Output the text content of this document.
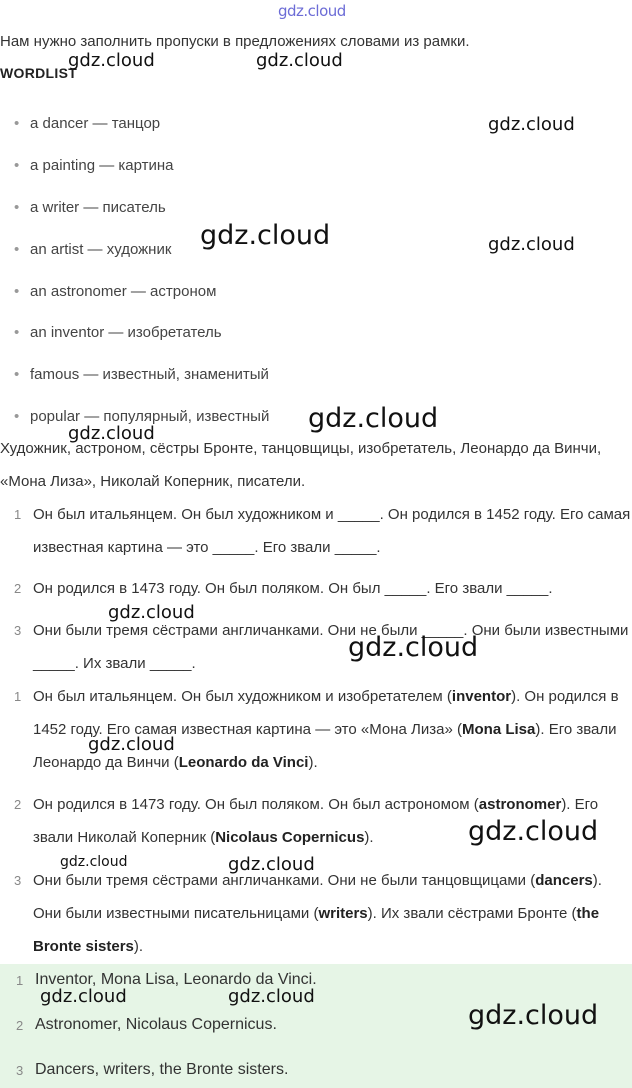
gdz.cloud
Нам нужно заполнить пропуски в предложениях словами из рамки.
WORDLIST
• a dancer — танцор
• a painting — картина
• a writer — писатель
• an artist — художник
• an astronomer — астроном
• an inventor — изобретатель
• famous — известный, знаменитый
• popular — популярный, известный
Художник, астроном, сёстры Бронте, танцовщицы, изобретатель, Леонардо да Винчи, «Мона Лиза», Николай Коперник, писатели.
1 Он был итальянцем. Он был художником и _____. Он родился в 1452 году. Его самая известная картина — это _____. Его звали _____.
2 Он родился в 1473 году. Он был поляком. Он был _____. Его звали _____.
3 Они были тремя сёстрами англичанками. Они не были _____. Они были известными _____. Их звали _____.
1 Он был итальянцем. Он был художником и изобретателем (inventor). Он родился в 1452 году. Его самая известная картина — это «Мона Лиза» (Mona Lisa). Его звали Леонардо да Винчи (Leonardo da Vinci).
2 Он родился в 1473 году. Он был поляком. Он был астрономом (astronomer). Его звали Николай Коперник (Nicolaus Copernicus).
3 Они были тремя сёстрами англичанками. Они не были танцовщицами (dancers). Они были известными писательницами (writers). Их звали сёстрами Бронте (the Bronte sisters).
1 Inventor, Mona Lisa, Leonardo da Vinci.
2 Astronomer, Nicolaus Copernicus.
3 Dancers, writers, the Bronte sisters.
gdz.cloud	gdz.cloud
gdz.cloud
gdz.cloud	gdz.cloud
gdz.cloud
gdz.cloud
gdz.cloud
gdz.cloud
gdz.cloud
gdz.cloud
gdz.cloud	gdz.cloud
gdz.cloud	gdz.cloud
gdz.cloud
